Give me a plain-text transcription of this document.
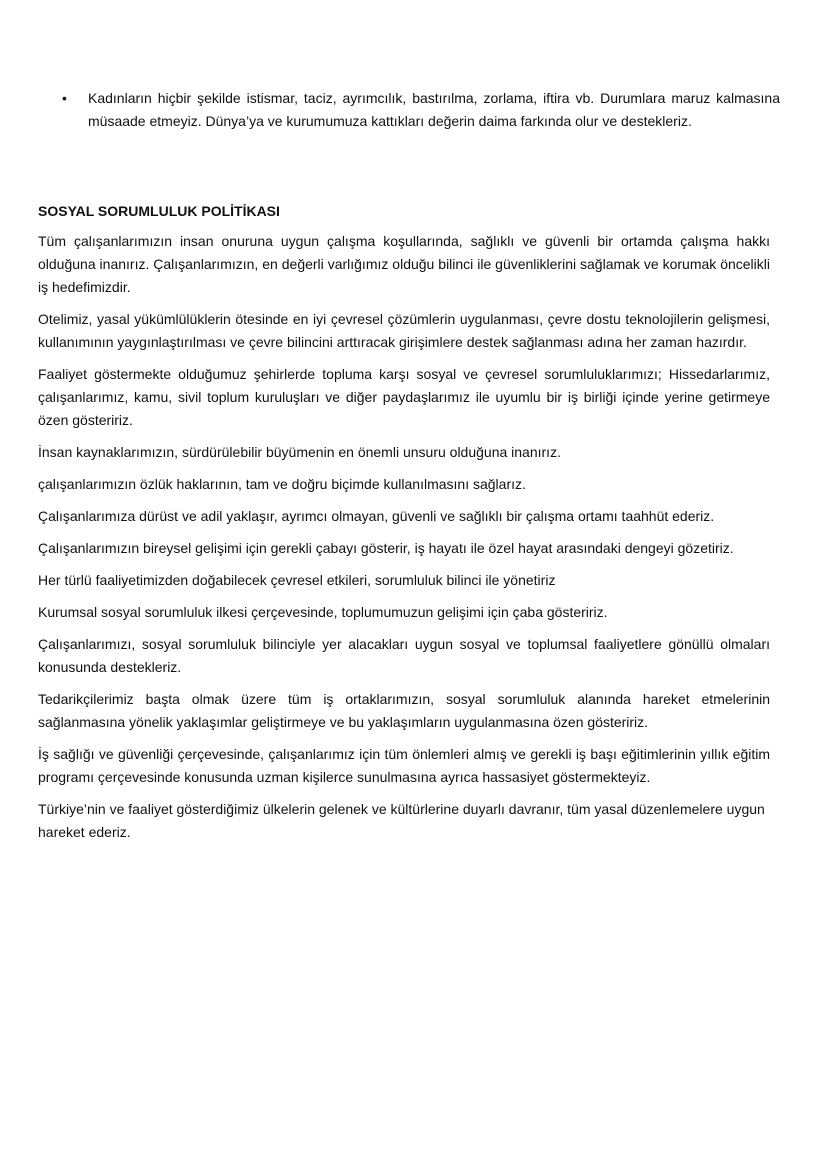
•	Kadınların hiçbir şekilde istismar, taciz, ayrımcılık, bastırılma, zorlama, iftira vb. Durumlara maruz kalmasına müsaade etmeyiz. Dünya’ya ve kurumumuza kattıkları değerin daima farkında olur ve destekleriz.
SOSYAL SORUMLULUK POLİTİKASI

Tüm çalışanlarımızın insan onuruna uygun çalışma koşullarında, sağlıklı ve güvenli bir ortamda çalışma hakkı olduğuna inanırız. Çalışanlarımızın, en değerli varlığımız olduğu bilinci ile güvenliklerini sağlamak ve korumak öncelikli iş hedefimizdir.

Otelimiz, yasal yükümlülüklerin ötesinde en iyi çevresel çözümlerin uygulanması, çevre dostu teknolojilerin gelişmesi, kullanımının yaygınlaştırılması ve çevre bilincini arttıracak girişimlere destek sağlanması adına her zaman hazırdır.

Faaliyet göstermekte olduğumuz şehirlerde topluma karşı sosyal ve çevresel sorumluluklarımızı; Hissedarlarımız, çalışanlarımız, kamu, sivil toplum kuruluşları ve diğer paydaşlarımız ile uyumlu bir iş birliği içinde yerine getirmeye özen gösteririz.

İnsan kaynaklarımızın, sürdürülebilir büyümenin en önemli unsuru olduğuna inanırız.

çalışanlarımızın özlük haklarının, tam ve doğru biçimde kullanılmasını sağlarız.

Çalışanlarımıza dürüst ve adil yaklaşır, ayrımcı olmayan, güvenli ve sağlıklı bir çalışma ortamı taahhüt ederiz.

Çalışanlarımızın bireysel gelişimi için gerekli çabayı gösterir, iş hayatı ile özel hayat arasındaki dengeyi gözetiriz.

Her türlü faaliyetimizden doğabilecek çevresel etkileri, sorumluluk bilinci ile yönetiriz

Kurumsal sosyal sorumluluk ilkesi çerçevesinde, toplumumuzun gelişimi için çaba gösteririz.

Çalışanlarımızı, sosyal sorumluluk bilinciyle yer alacakları uygun sosyal ve toplumsal faaliyetlere gönüllü olmaları konusunda destekleriz.

Tedarikçilerimiz başta olmak üzere tüm iş ortaklarımızın, sosyal sorumluluk alanında hareket etmelerinin sağlanmasına yönelik yaklaşımlar geliştirmeye ve bu yaklaşımların uygulanmasına özen gösteririz.

İş sağlığı ve güvenliği çerçevesinde, çalışanlarımız için tüm önlemleri almış ve gerekli iş başı eğitimlerinin yıllık eğitim programı çerçevesinde konusunda uzman kişilerce sunulmasına ayrıca hassasiyet göstermekteyiz.

Türkiye’nin ve faaliyet gösterdiğimiz ülkelerin gelenek ve kültürlerine duyarlı davranır, tüm yasal düzenlemelere uygun hareket ederiz.
